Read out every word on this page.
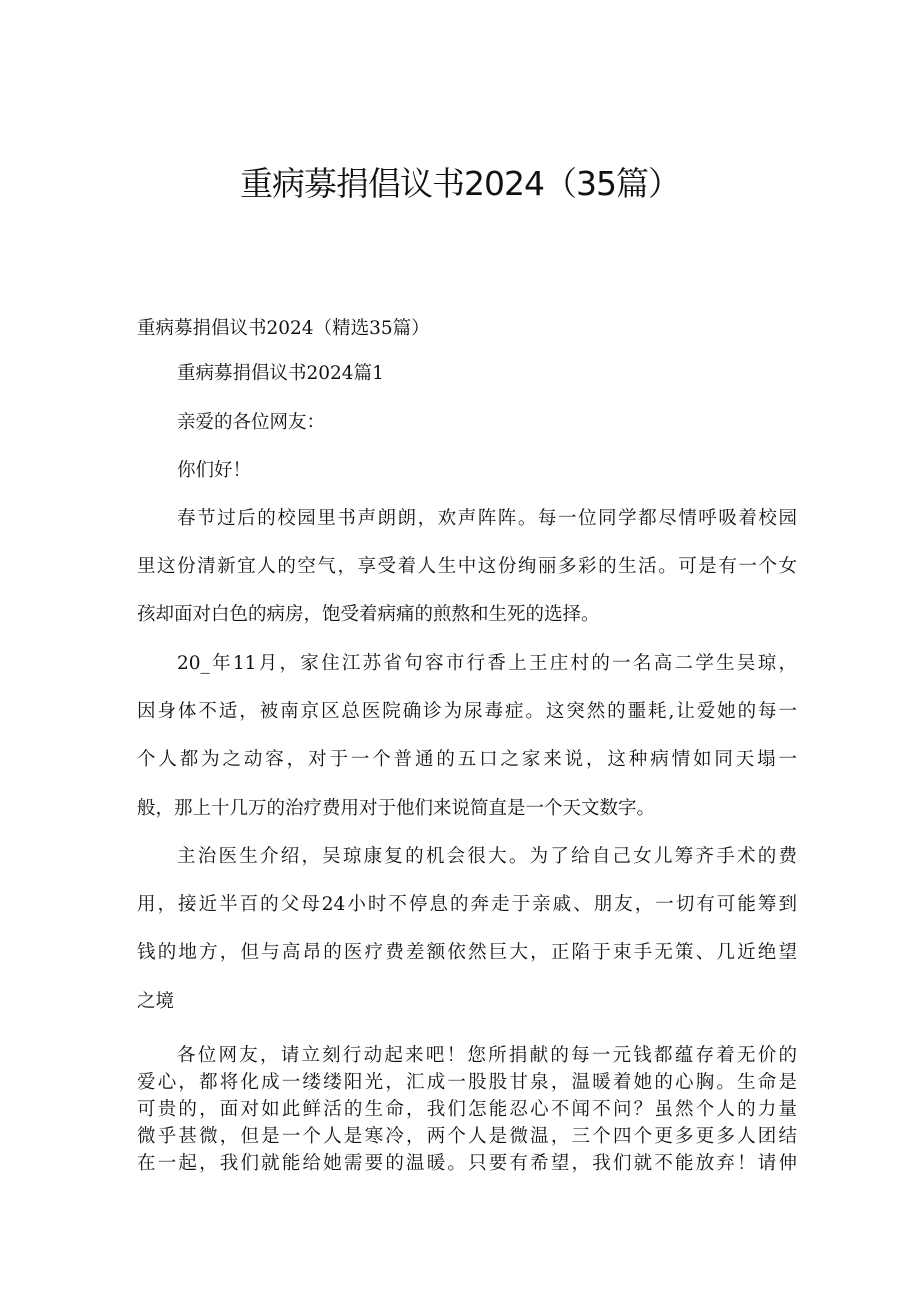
重病募捐倡议书2024（35篇）

重病募捐倡议书2024（精选35篇）

重病募捐倡议书2024篇1

亲爱的各位网友：

你们好！

春节过后的校园里书声朗朗，欢声阵阵。每一位同学都尽情呼吸着校园

里这份清新宜人的空气，享受着人生中这份绚丽多彩的生活。可是有一个女

孩却面对白色的病房，饱受着病痛的煎熬和生死的选择。

20_年11月，家住江苏省句容市行香上王庄村的一名高二学生吴琼，

因身体不适，被南京区总医院确诊为尿毒症。这突然的噩耗,让爱她的每一

个人都为之动容，对于一个普通的五口之家来说，这种病情如同天塌一

般，那上十几万的治疗费用对于他们来说简直是一个天文数字。

主治医生介绍，吴琼康复的机会很大。为了给自己女儿筹齐手术的费

用，接近半百的父母24小时不停息的奔走于亲戚、朋友，一切有可能筹到

钱的地方，但与高昂的医疗费差额依然巨大，正陷于束手无策、几近绝望

之境

各位网友，请立刻行动起来吧！您所捐献的每一元钱都蕴存着无价的

爱心，都将化成一缕缕阳光，汇成一股股甘泉，温暖着她的心胸。生命是

可贵的，面对如此鲜活的生命，我们怎能忍心不闻不问？虽然个人的力量

微乎甚微，但是一个人是寒冷，两个人是微温，三个四个更多更多人团结

在一起，我们就能给她需要的温暖。只要有希望，我们就不能放弃！请伸
